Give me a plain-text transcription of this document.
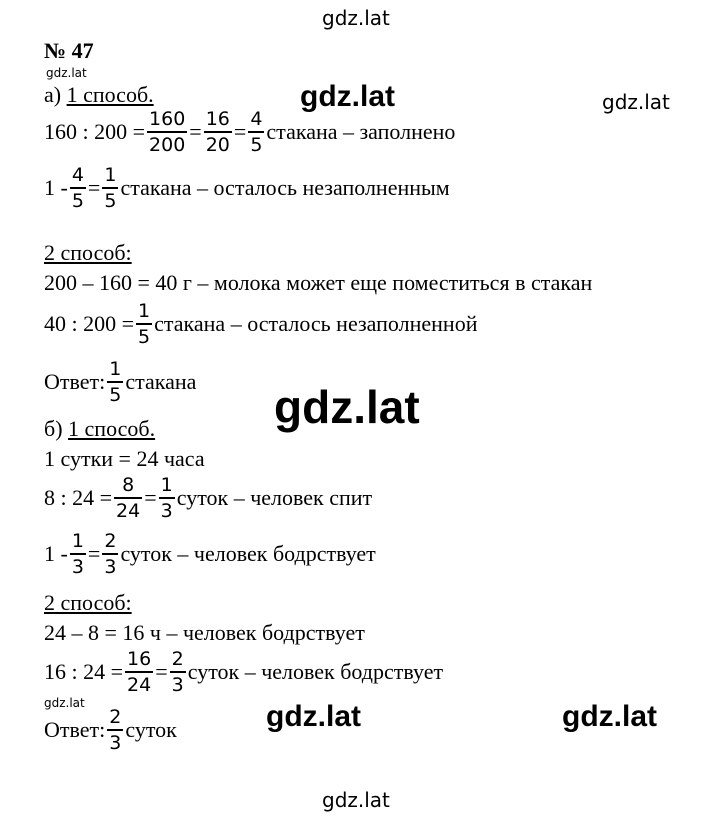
gdz.lat
gdz.lat
gdz.lat	gdz.lat
gdz.lat
gdz.lat	gdz.lat	gdz.lat
gdz.lat
№ 47
а) 1 способ.
160 : $200 = \frac{160}{200} = \frac{16}{20} = \frac{4}{5}$ стакана – заполнено
$1 - \frac{4}{5} = \frac{1}{5}$ стакана – осталось незаполненным
2 способ:
200 – 160 = 40 г – молока может еще поместиться в стакан
40 : $200 = \frac{1}{5}$ стакана – осталось незаполненной
Ответ: $\frac{1}{5}$ стакана
б) 1 способ.
1 сутки = 24 часа
8 : $24 = \frac{8}{24} = \frac{1}{3}$ суток – человек спит
$1 - \frac{1}{3} = \frac{2}{3}$ суток – человек бодрствует
2 способ:
24 – 8 = 16 ч – человек бодрствует
16 : $24 = \frac{16}{24} = \frac{2}{3}$ суток – человек бодрствует
Ответ: $\frac{2}{3}$ суток
